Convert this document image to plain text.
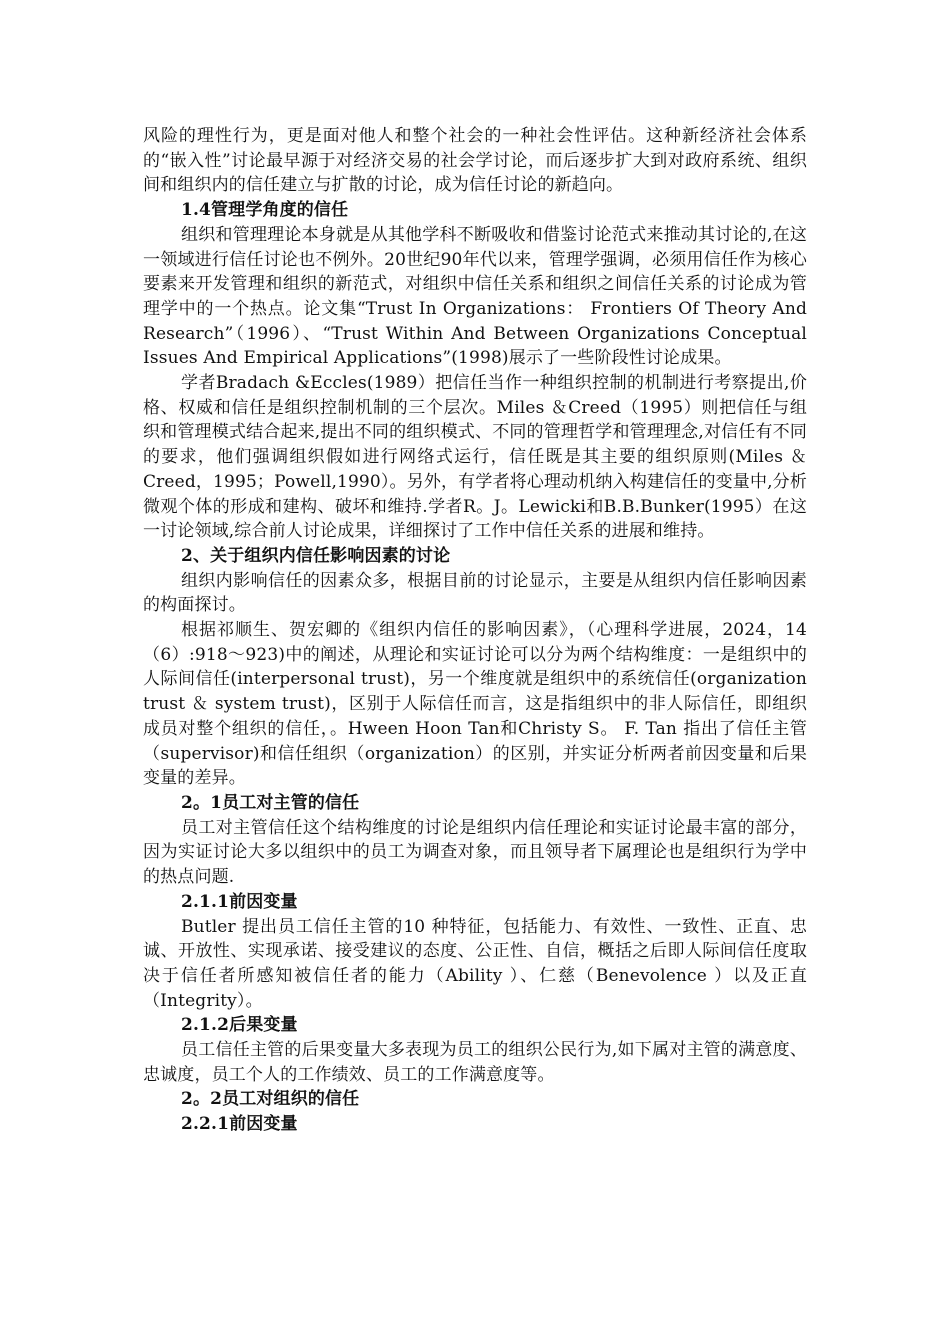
风险的理性行为，更是面对他人和整个社会的一种社会性评估。这种新经济社会体系的“嵌入性”讨论最早源于对经济交易的社会学讨论，而后逐步扩大到对政府系统、组织间和组织内的信任建立与扩散的讨论，成为信任讨论的新趋向。

1.4管理学角度的信任

组织和管理理论本身就是从其他学科不断吸收和借鉴讨论范式来推动其讨论的,在这一领域进行信任讨论也不例外。20世纪90年代以来，管理学强调，必须用信任作为核心要素来开发管理和组织的新范式，对组织中信任关系和组织之间信任关系的讨论成为管理学中的一个热点。论文集“Trust In Organizations： Frontiers Of Theory And Research”（1996）、“Trust Within And Between Organizations Conceptual Issues And Empirical Applications”(1998)展示了一些阶段性讨论成果。

学者Bradach &Eccles(1989）把信任当作一种组织控制的机制进行考察提出,价格、权威和信任是组织控制机制的三个层次。Miles ＆Creed（1995）则把信任与组织和管理模式结合起来,提出不同的组织模式、不同的管理哲学和管理理念,对信任有不同的要求，他们强调组织假如进行网络式运行，信任既是其主要的组织原则(Miles ＆Creed，1995；Powell,1990）。另外，有学者将心理动机纳入构建信任的变量中,分析微观个体的形成和建构、破坏和维持.学者R。J。Lewicki和B.B.Bunker(1995）在这一讨论领域,综合前人讨论成果，详细探讨了工作中信任关系的进展和维持。

2、关于组织内信任影响因素的讨论

组织内影响信任的因素众多，根据目前的讨论显示，主要是从组织内信任影响因素的构面探讨。

根据祁顺生、贺宏卿的《组织内信任的影响因素》，（心理科学进展，2024，14（6）:918～923)中的阐述，从理论和实证讨论可以分为两个结构维度：一是组织中的人际间信任(interpersonal trust)，另一个维度就是组织中的系统信任(organization trust ＆ system trust)，区别于人际信任而言，这是指组织中的非人际信任，即组织成员对整个组织的信任，。Hween Hoon Tan和Christy S。 F. Tan 指出了信任主管（supervisor)和信任组织（organization）的区别，并实证分析两者前因变量和后果变量的差异。

2。1员工对主管的信任

员工对主管信任这个结构维度的讨论是组织内信任理论和实证讨论最丰富的部分，因为实证讨论大多以组织中的员工为调查对象，而且领导者下属理论也是组织行为学中的热点问题.

2.1.1前因变量

Butler 提出员工信任主管的10 种特征，包括能力、有效性、一致性、正直、忠诚、开放性、实现承诺、接受建议的态度、公正性、自信，概括之后即人际间信任度取决于信任者所感知被信任者的能力（Ability ）、仁慈（Benevolence ）以及正直（Integrity）。

2.1.2后果变量

员工信任主管的后果变量大多表现为员工的组织公民行为,如下属对主管的满意度、忠诚度，员工个人的工作绩效、员工的工作满意度等。

2。2员工对组织的信任
2.2.1前因变量
